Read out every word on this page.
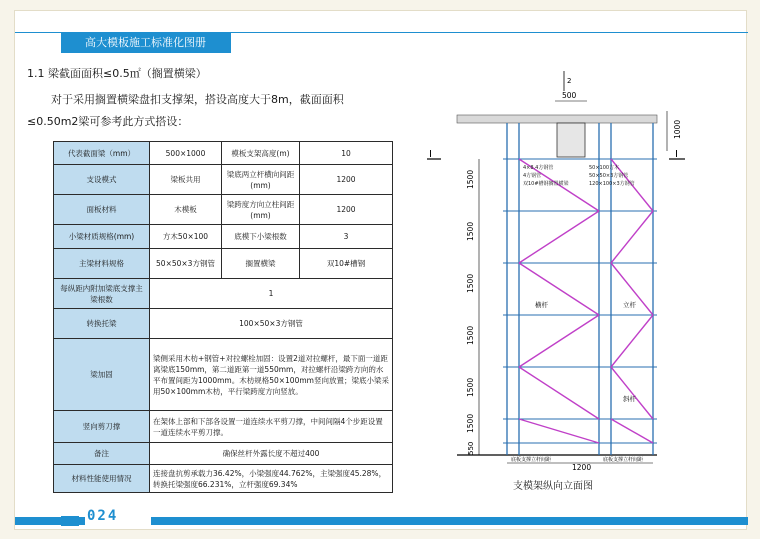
高大模板施工标准化图册
1.1 梁截面面积≤0.5㎡（搁置横梁）
对于采用搁置横梁盘扣支撑架，搭设高度大于8m，截面面积≤0.50m2梁可参考此方式搭设：
代表截面梁（mm）	500×1000	模板支架高度(m)	10
支设模式	梁板共用	梁底两立杆横向间距(mm)	1200
面板材料	木模板	梁跨度方向立柱间距(mm)	1200
小梁材质规格(mm)	方木50×100	底模下小梁根数	3
主梁材料规格	50×50×3方钢管	搁置横梁	双10#槽钢
每纵距内附加梁底支撑主梁根数	1		
转换托梁	100×50×3方钢管		
梁加固	梁侧采用木枋+钢管+对拉螺栓加固：设置2道对拉螺杆，最下面一道距离梁底150mm，第二道距第一道550mm，对拉螺杆沿梁跨方向的水平布置间距为1000mm。木枋规格50×100mm竖向放置；梁底小梁采用50×100mm木枋，平行梁跨度方向竖放。		
竖向剪刀撑	在架体上部和下部各设置一道连续水平剪刀撑，中间间隔4个步距设置一道连续水平剪刀撑。		
备注	确保丝杆外露长度不超过400		
材料性能使用情况	连接盘抗剪承载力36.42%，小梁强度44.762%，主梁强度45.28%，转换托梁强度66.231%，立杆强度69.34%		
I	I
2
500
1000
1500
1500
1500
1500
1500
1500
550
横杆	立杆
斜杆
4×8.4方钢管
4方钢管
双10#槽钢搁置横梁
50×100方木
50×50×3方钢管
120×100×3方钢管
底板支撑立杆间距
1200
底板支撑立杆间距
支模架纵向立面图
024
